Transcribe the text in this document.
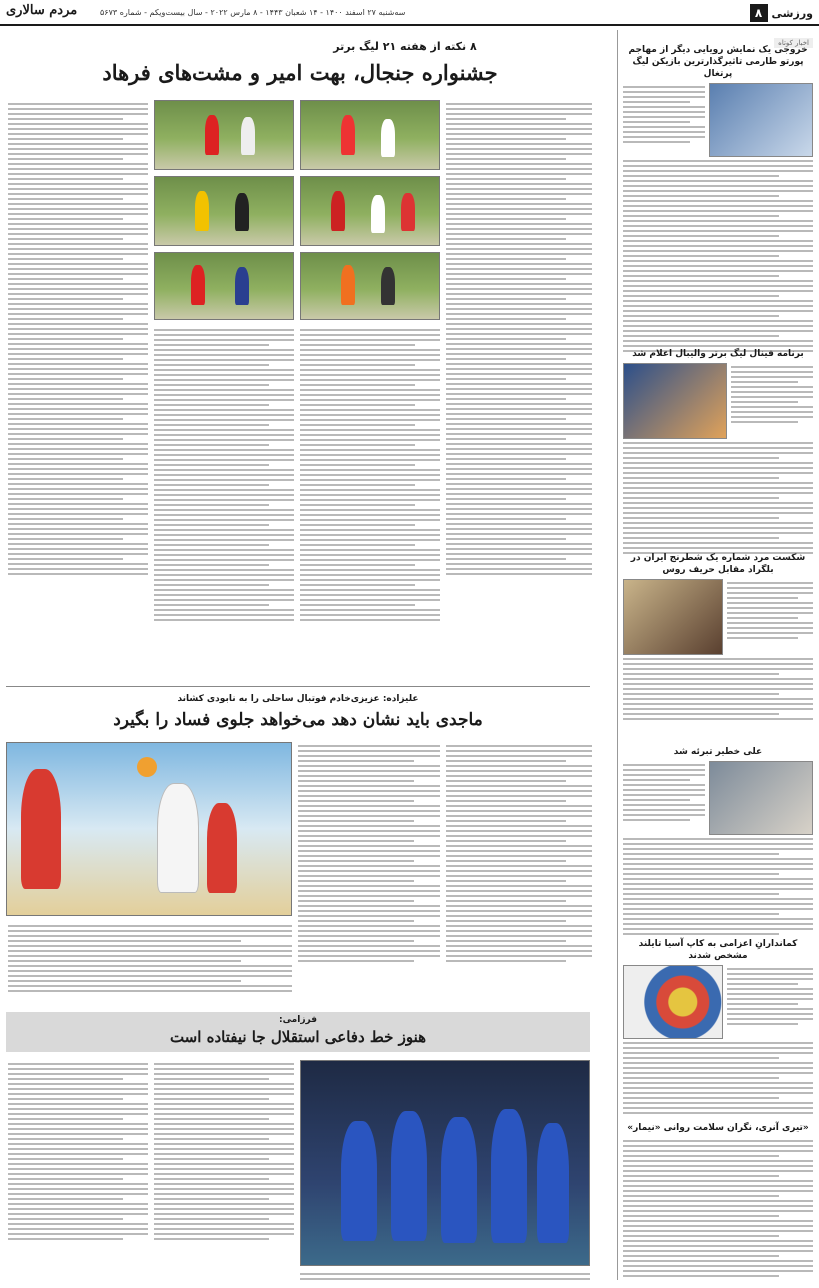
ورزشی
۸
سه‌شنبه ۲۷ اسفند ۱۴۰۰ - ۱۴ شعبان ۱۴۴۳ - ۸ مارس ۲۰۲۲ - سال بیست‌ویکم - شماره ۵۶۷۳
مردم سالاری
اخبار کوتاه
خروجی یک نمایش رویایی دیگر از مهاجم پورتو طارمی تاثیرگذارترین بازیکن لیگ پرتغال
برنامه فینال لیگ برتر والیبال اعلام شد
شکست مرد شماره یک شطرنج ایران در بلگراد مقابل حریف روس
علی خطیر تبرئه شد
کماندارانِ اعزامی به کاپ آسیا تایلند مشخص شدند
«تیری آنری، نگران سلامت روانی «نیمار»
۸ نکته از هفته ۲۱ لیگ برتر
جشنواره جنجال، بهت امیر و مشت‌های فرهاد
علیزاده: عزیزی‌خادم فوتبال ساحلی را به نابودی کشاند
ماجدی باید نشان دهد می‌خواهد جلوی فساد را بگیرد
فرزامی:
هنوز خط دفاعی استقلال جا نیفتاده است
